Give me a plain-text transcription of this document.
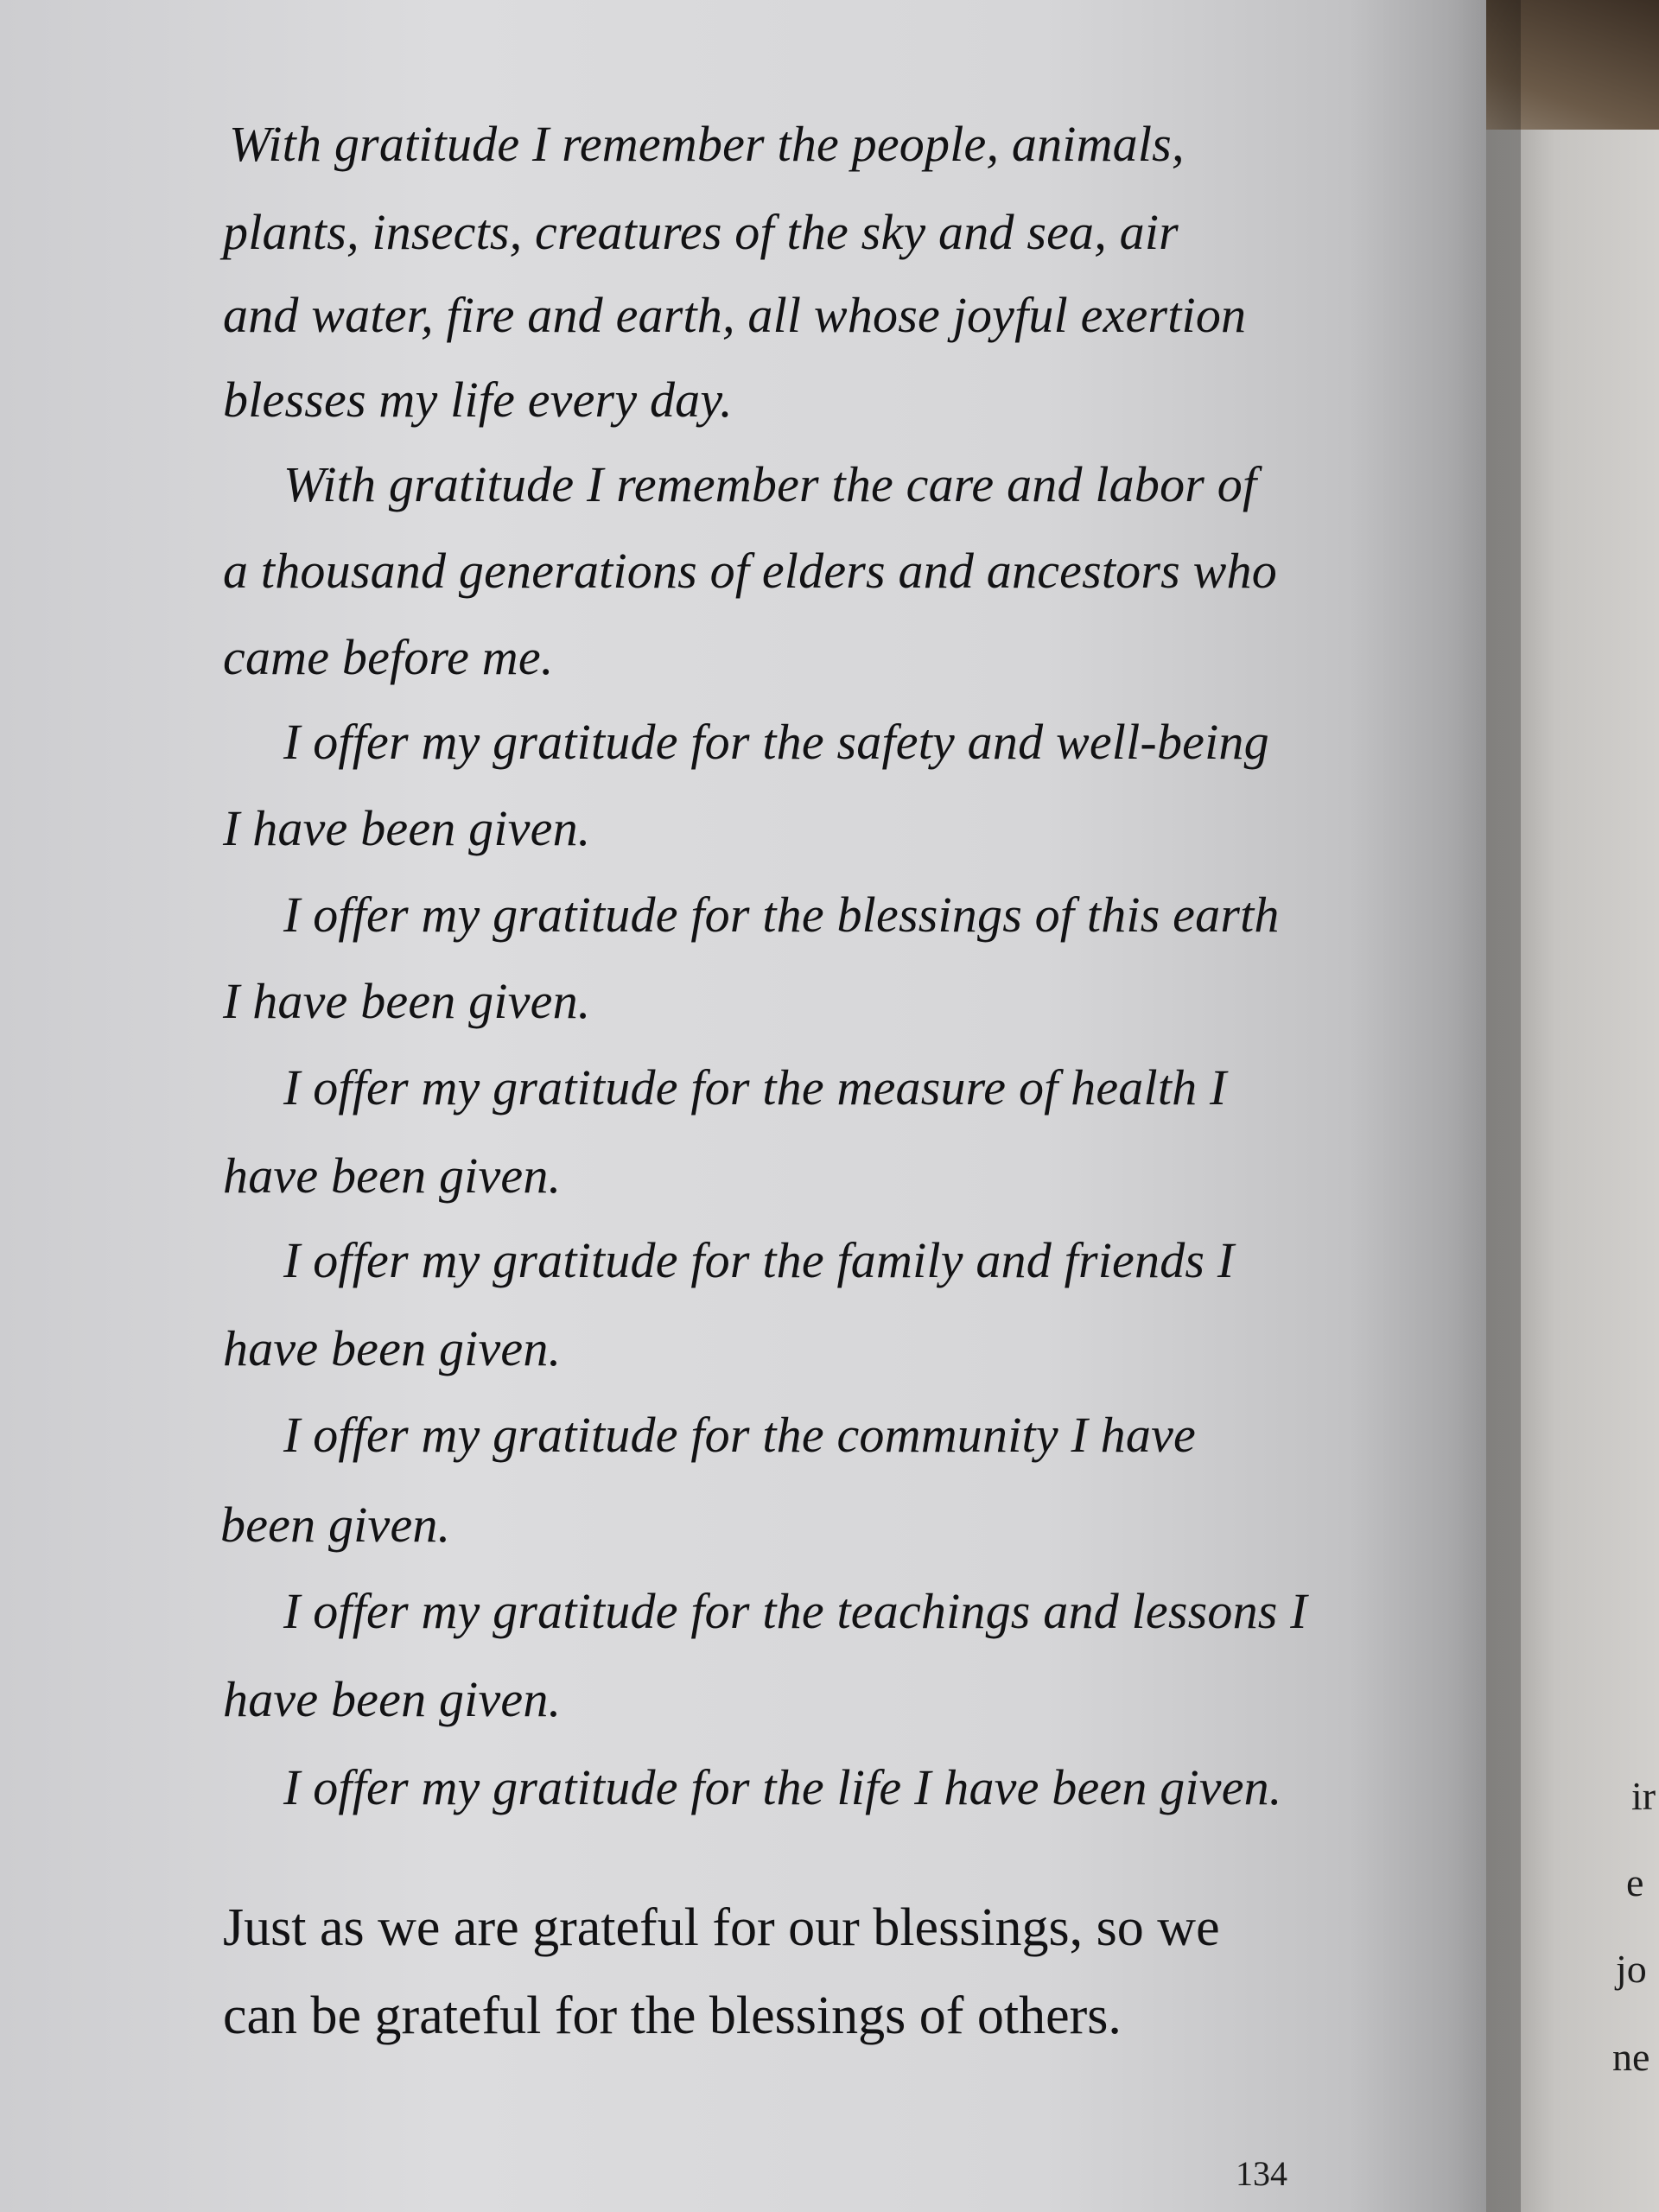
ir
e
jo
ne
With gratitude I remember the people, animals,
plants, insects, creatures of the sky and sea, air
and water, fire and earth, all whose joyful exertion
blesses my life every day.
With gratitude I remember the care and labor of
a thousand generations of elders and ancestors who
came before me.
I offer my gratitude for the safety and well-being
I have been given.
I offer my gratitude for the blessings of this earth
I have been given.
I offer my gratitude for the measure of health I
have been given.
I offer my gratitude for the family and friends I
have been given.
I offer my gratitude for the community I have
been given.
I offer my gratitude for the teachings and lessons I
have been given.
I offer my gratitude for the life I have been given.
Just as we are grateful for our blessings, so we
can be grateful for the blessings of others.
134
